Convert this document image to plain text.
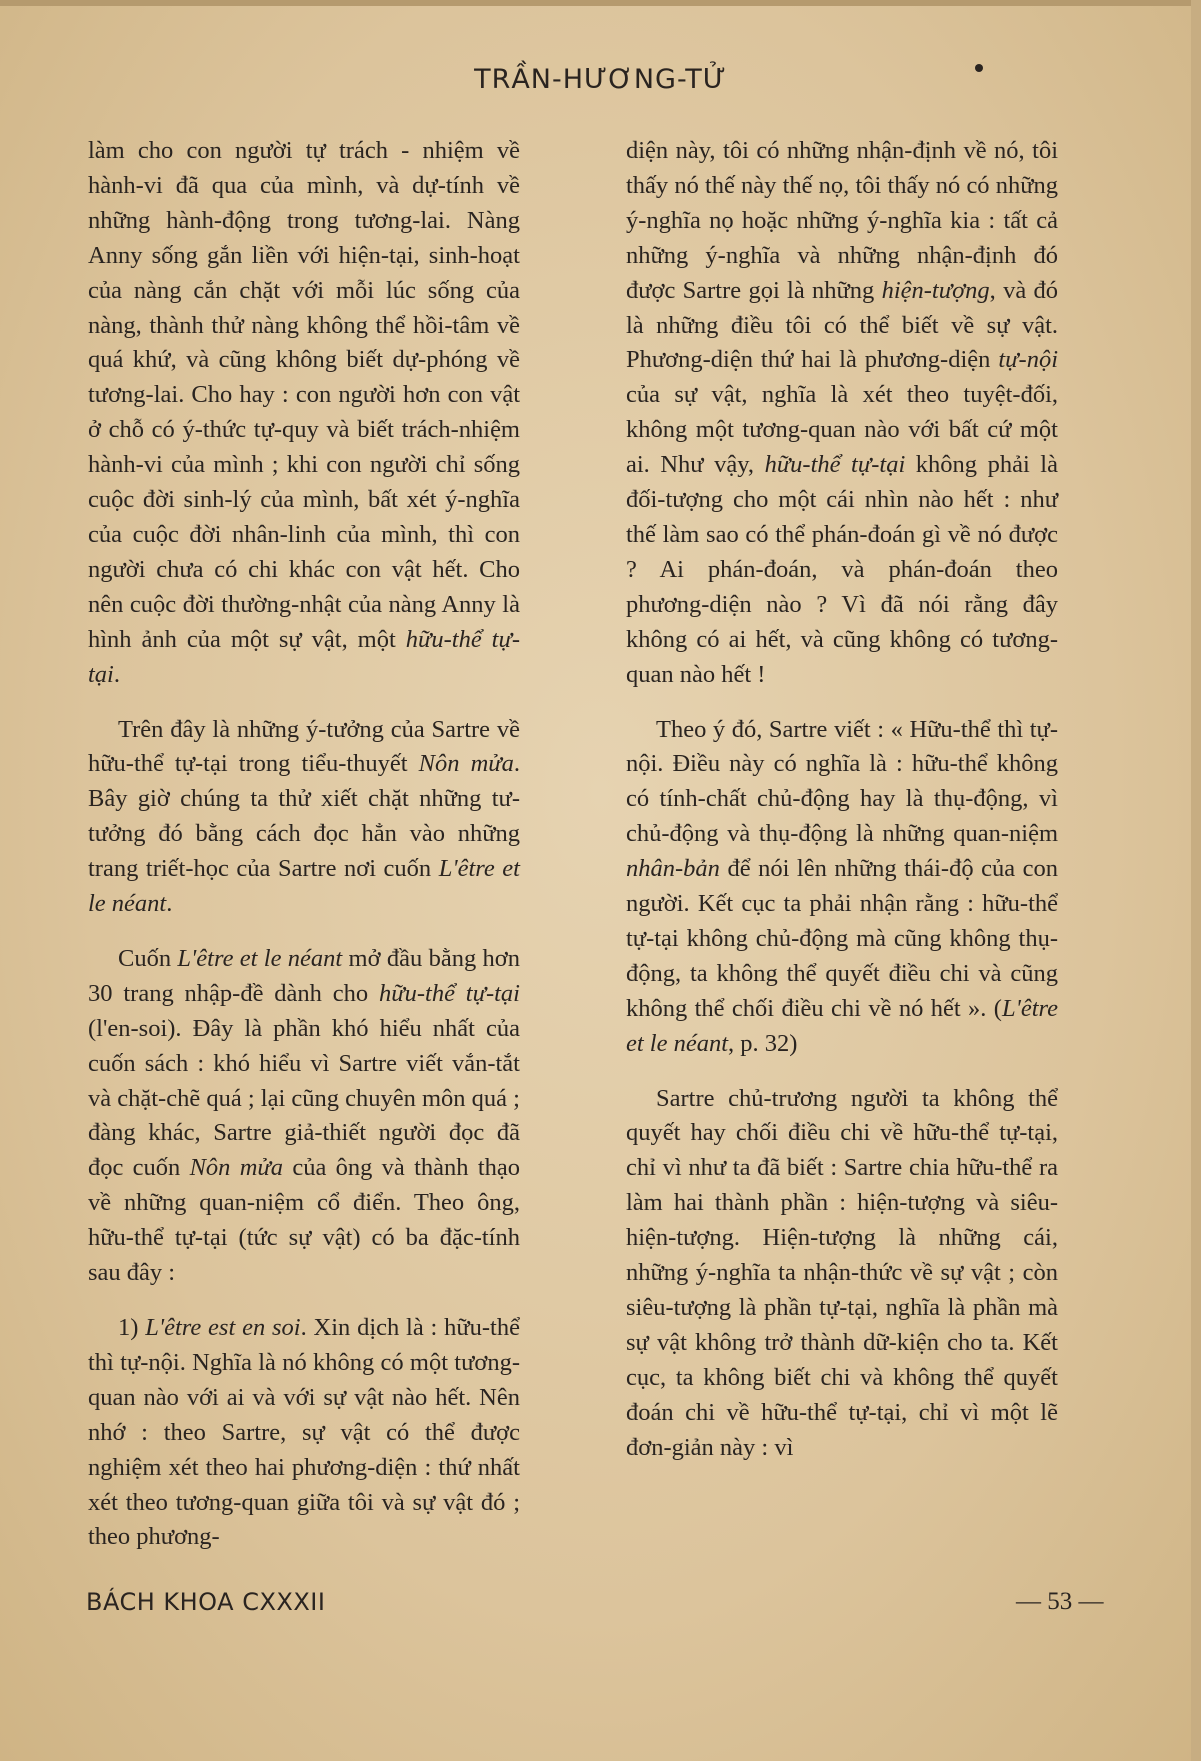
TRẦN-HƯƠNG-TỬ

làm cho con người tự trách - nhiệm về hành-vi đã qua của mình, và dự-tính về những hành-động trong tương-lai. Nàng Anny sống gắn liền với hiện-tại, sinh-hoạt của nàng cắn chặt với mỗi lúc sống của nàng, thành thử nàng không thể hồi-tâm về quá khứ, và cũng không biết dự-phóng về tương-lai. Cho hay : con người hơn con vật ở chỗ có ý-thức tự-quy và biết trách-nhiệm hành-vi của mình ; khi con người chỉ sống cuộc đời sinh-lý của mình, bất xét ý-nghĩa của cuộc đời nhân-linh của mình, thì con người chưa có chi khác con vật hết. Cho nên cuộc đời thường-nhật của nàng Anny là hình ảnh của một sự vật, một hữu-thể tự-tại.

Trên đây là những ý-tưởng của Sartre về hữu-thể tự-tại trong tiểu-thuyết Nôn mửa. Bây giờ chúng ta thử xiết chặt những tư-tưởng đó bằng cách đọc hẳn vào những trang triết-học của Sartre nơi cuốn L'être et le néant.

Cuốn L'être et le néant mở đầu bằng hơn 30 trang nhập-đề dành cho hữu-thể tự-tại (l'en-soi). Đây là phần khó hiểu nhất của cuốn sách : khó hiểu vì Sartre viết vắn-tắt và chặt-chẽ quá ; lại cũng chuyên môn quá ; đàng khác, Sartre giả-thiết người đọc đã đọc cuốn Nôn mửa của ông và thành thạo về những quan-niệm cổ điển. Theo ông, hữu-thể tự-tại (tức sự vật) có ba đặc-tính sau đây :

1) L'être est en soi. Xin dịch là : hữu-thể thì tự-nội. Nghĩa là nó không có một tương-quan nào với ai và với sự vật nào hết. Nên nhớ : theo Sartre, sự vật có thể được nghiệm xét theo hai phương-diện : thứ nhất xét theo tương-quan giữa tôi và sự vật đó ; theo phương-

diện này, tôi có những nhận-định về nó, tôi thấy nó thế này thế nọ, tôi thấy nó có những ý-nghĩa nọ hoặc những ý-nghĩa kia : tất cả những ý-nghĩa và những nhận-định đó được Sartre gọi là những hiện-tượng, và đó là những điều tôi có thể biết về sự vật. Phương-diện thứ hai là phương-diện tự-nội của sự vật, nghĩa là xét theo tuyệt-đối, không một tương-quan nào với bất cứ một ai. Như vậy, hữu-thể tự-tại không phải là đối-tượng cho một cái nhìn nào hết : như thế làm sao có thể phán-đoán gì về nó được ? Ai phán-đoán, và phán-đoán theo phương-diện nào ? Vì đã nói rằng đây không có ai hết, và cũng không có tương-quan nào hết !

Theo ý đó, Sartre viết : « Hữu-thể thì tự-nội. Điều này có nghĩa là : hữu-thể không có tính-chất chủ-động hay là thụ-động, vì chủ-động và thụ-động là những quan-niệm nhân-bản để nói lên những thái-độ của con người. Kết cục ta phải nhận rằng : hữu-thể tự-tại không chủ-động mà cũng không thụ-động, ta không thể quyết điều chi và cũng không thể chối điều chi về nó hết ». (L'être et le néant, p. 32)

Sartre chủ-trương người ta không thể quyết hay chối điều chi về hữu-thể tự-tại, chỉ vì như ta đã biết : Sartre chia hữu-thể ra làm hai thành phần : hiện-tượng và siêu-hiện-tượng. Hiện-tượng là những cái, những ý-nghĩa ta nhận-thức về sự vật ; còn siêu-tượng là phần tự-tại, nghĩa là phần mà sự vật không trở thành dữ-kiện cho ta. Kết cục, ta không biết chi và không thể quyết đoán chi về hữu-thể tự-tại, chỉ vì một lẽ đơn-giản này : vì

BÁCH KHOA CXXXII	— 53 —
